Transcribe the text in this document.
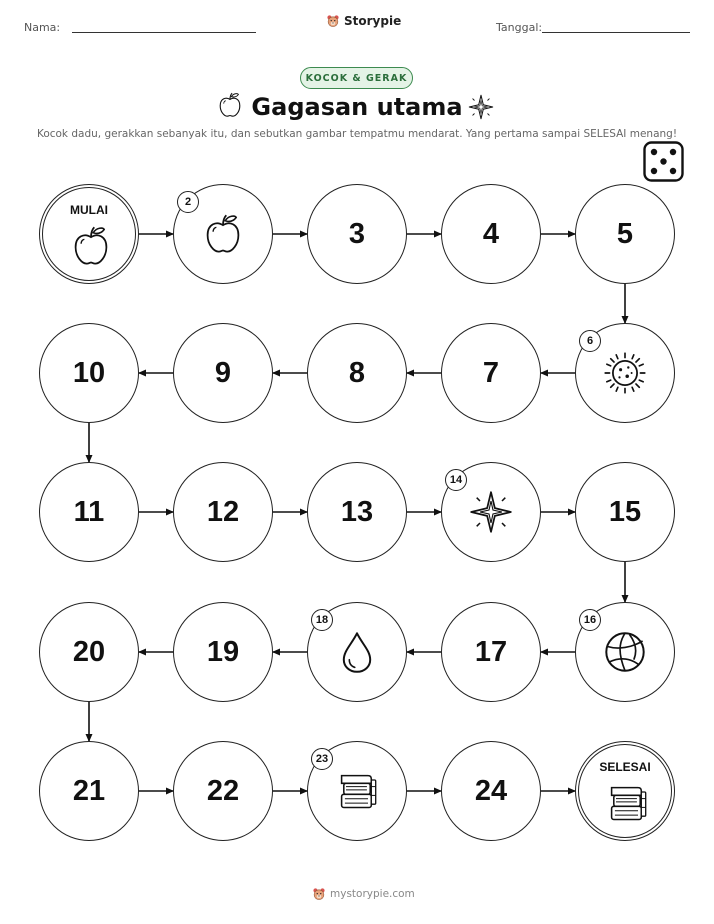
Nama:	Storypie	Tanggal:
KOCOK & GERAK
Gagasan utama
Kocok dadu, gerakkan sebanyak itu, dan sebutkan gambar tempatmu mendarat. Yang pertama sampai SELESAI menang!
MULAI
2
3	4	5
6
7
8
9
10
11	12	13
14
15
16
17
18
19
20
21	22
23
24
SELESAI
mystorypie.com
